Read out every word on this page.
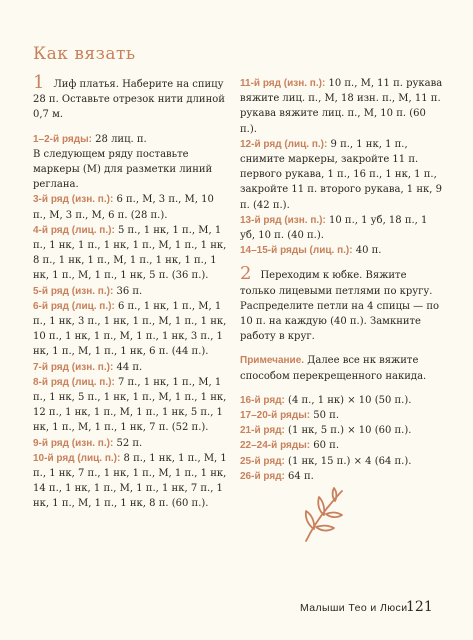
Как вязать

1 Лиф платья. Наберите на спицу 28 п. Оставьте отрезок нити длиной 0,7 м.

1–2-й ряды: 28 лиц. п.

В следующем ряду поставьте маркеры (М) для разметки линий реглана.

3-й ряд (изн. п.): 6 п., М, 3 п., М, 10 п., М, 3 п., М, 6 п. (28 п.).

4-й ряд (лиц. п.): 5 п., 1 нк, 1 п., М, 1 п., 1 нк, 1 п., 1 нк, 1 п., М, 1 п., 1 нк, 8 п., 1 нк, 1 п., М, 1 п., 1 нк, 1 п., 1 нк, 1 п., М, 1 п., 1 нк, 5 п. (36 п.).

5-й ряд (изн. п.): 36 п.

6-й ряд (лиц. п.): 6 п., 1 нк, 1 п., М, 1 п., 1 нк, 3 п., 1 нк, 1 п., М, 1 п., 1 нк, 10 п., 1 нк, 1 п., М, 1 п., 1 нк, 3 п., 1 нк, 1 п., М, 1 п., 1 нк, 6 п. (44 п.).

7-й ряд (изн. п.): 44 п.

8-й ряд (лиц. п.): 7 п., 1 нк, 1 п., М, 1 п., 1 нк, 5 п., 1 нк, 1 п., М, 1 п., 1 нк, 12 п., 1 нк, 1 п., М, 1 п., 1 нк, 5 п., 1 нк, 1 п., М, 1 п., 1 нк, 7 п. (52 п.).

9-й ряд (изн. п.): 52 п.

10-й ряд (лиц. п.): 8 п., 1 нк, 1 п., М, 1 п., 1 нк, 7 п., 1 нк, 1 п., М, 1 п., 1 нк, 14 п., 1 нк, 1 п., М, 1 п., 1 нк, 7 п., 1 нк, 1 п., М, 1 п., 1 нк, 8 п. (60 п.).

11-й ряд (изн. п.): 10 п., М, 11 п. рукава вяжите лиц. п., М, 18 изн. п., М, 11 п. рукава вяжите лиц. п., М, 10 п. (60 п.).

12-й ряд (лиц. п.): 9 п., 1 нк, 1 п., снимите маркеры, закройте 11 п. первого рукава, 1 п., 16 п., 1 нк, 1 п., закройте 11 п. второго рукава, 1 нк, 9 п. (42 п.).

13-й ряд (изн. п.): 10 п., 1 уб, 18 п., 1 уб, 10 п. (40 п.).

14–15-й ряды (лиц. п.): 40 п.

2 Переходим к юбке. Вяжите только лицевыми петлями по кругу. Распределите петли на 4 спицы — по 10 п. на каждую (40 п.). Замкните работу в круг.

Примечание. Далее все нк вяжите способом перекрещенного накида.

16-й ряд: (4 п., 1 нк) × 10 (50 п.).

17–20-й ряды: 50 п.

21-й ряд: (1 нк, 5 п.) × 10 (60 п.).

22–24-й ряды: 60 п.

25-й ряд: (1 нк, 15 п.) × 4 (64 п.).

26-й ряд: 64 п.

Малыши Тео и Люси
121
